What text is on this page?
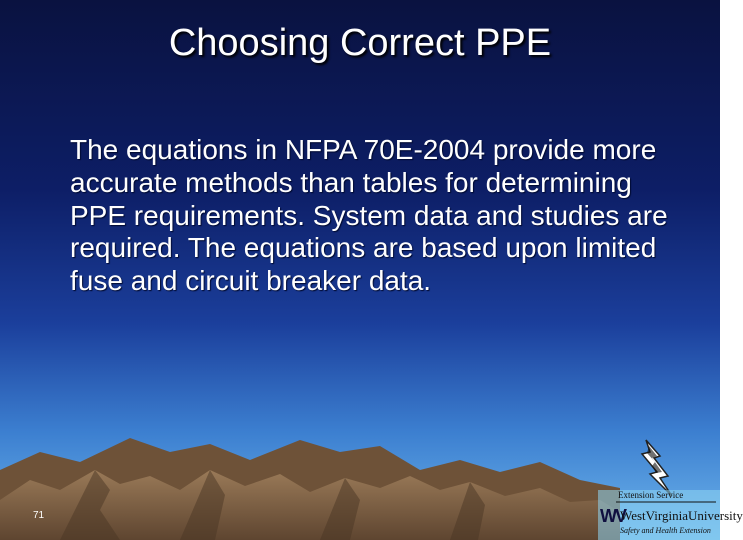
Choosing Correct PPE
The equations in NFPA 70E-2004 provide more accurate methods than tables for determining PPE requirements. System data and studies are required. The equations are based upon limited fuse and circuit breaker data.
71
Extension Service
WV
WestVirginiaUniversity
Safety and Health Extension
